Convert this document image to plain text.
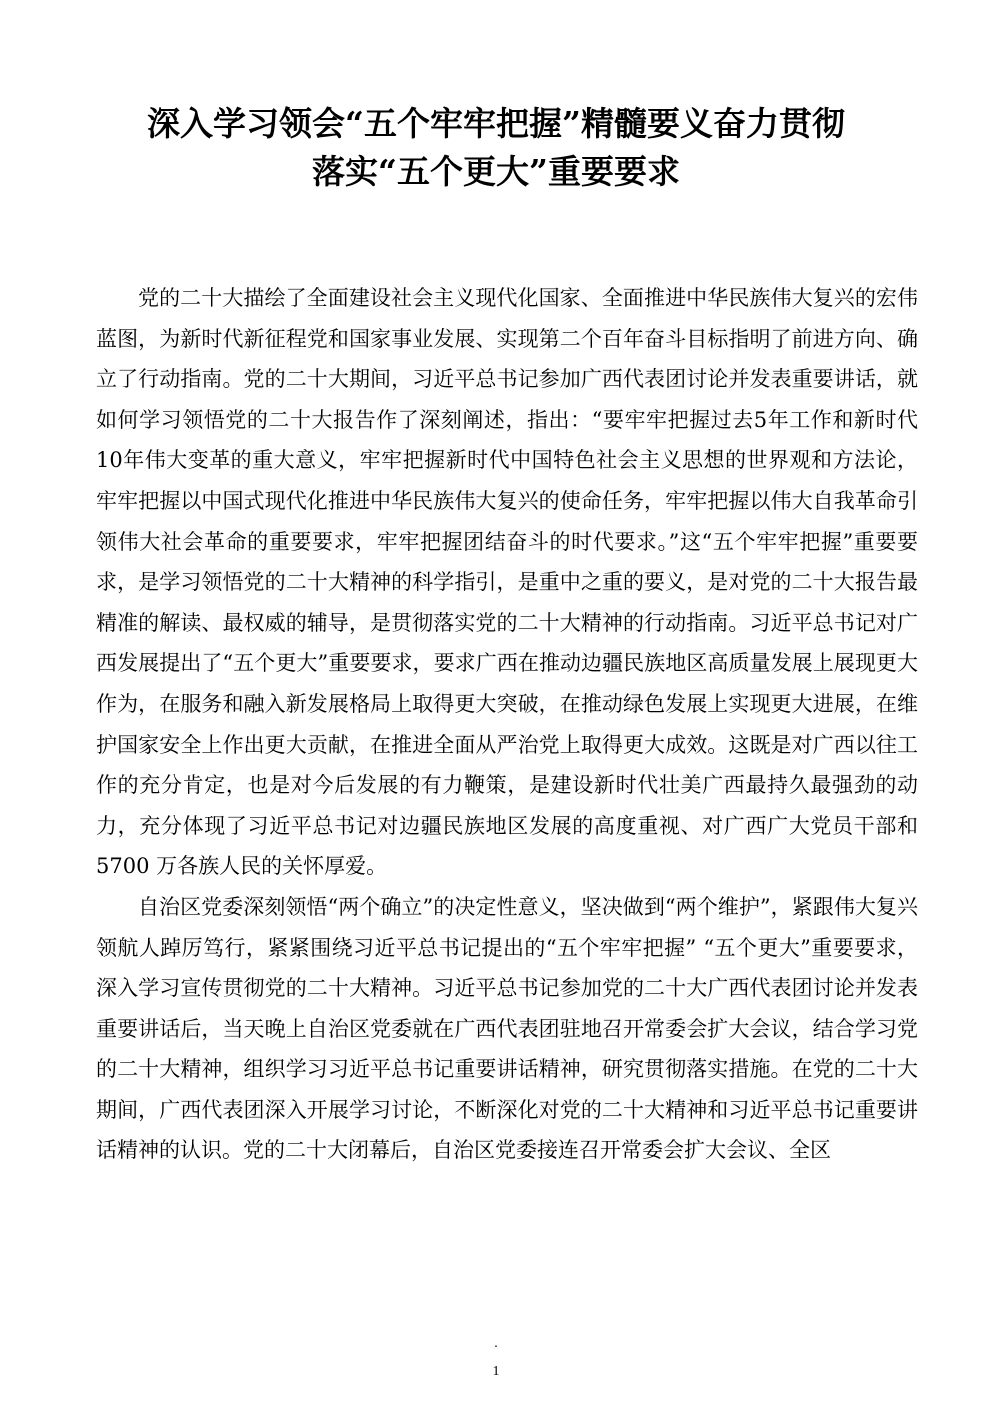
深入学习领会“五个牢牢把握”精髓要义奋力贯彻
落实“五个更大”重要要求

党的二十大描绘了全面建设社会主义现代化国家、全面推进中华民族伟大复兴的宏伟蓝图，为新时代新征程党和国家事业发展、实现第二个百年奋斗目标指明了前进方向、确立了行动指南。党的二十大期间，习近平总书记参加广西代表团讨论并发表重要讲话，就如何学习领悟党的二十大报告作了深刻阐述，指出：“要牢牢把握过去5年工作和新时代10年伟大变革的重大意义，牢牢把握新时代中国特色社会主义思想的世界观和方法论，牢牢把握以中国式现代化推进中华民族伟大复兴的使命任务，牢牢把握以伟大自我革命引领伟大社会革命的重要要求，牢牢把握团结奋斗的时代要求。”这“五个牢牢把握”重要要求，是学习领悟党的二十大精神的科学指引，是重中之重的要义，是对党的二十大报告最精准的解读、最权威的辅导，是贯彻落实党的二十大精神的行动指南。习近平总书记对广西发展提出了“五个更大”重要要求，要求广西在推动边疆民族地区高质量发展上展现更大作为，在服务和融入新发展格局上取得更大突破，在推动绿色发展上实现更大进展，在维护国家安全上作出更大贡献，在推进全面从严治党上取得更大成效。这既是对广西以往工作的充分肯定，也是对今后发展的有力鞭策，是建设新时代壮美广西最持久最强劲的动力，充分体现了习近平总书记对边疆民族地区发展的高度重视、对广西广大党员干部和5700 万各族人民的关怀厚爱。

自治区党委深刻领悟“两个确立”的决定性意义，坚决做到“两个维护”，紧跟伟大复兴领航人踔厉笃行，紧紧围绕习近平总书记提出的“五个牢牢把握” “五个更大”重要要求，深入学习宣传贯彻党的二十大精神。习近平总书记参加党的二十大广西代表团讨论并发表重要讲话后，当天晚上自治区党委就在广西代表团驻地召开常委会扩大会议，结合学习党的二十大精神，组织学习习近平总书记重要讲话精神，研究贯彻落实措施。在党的二十大期间，广西代表团深入开展学习讨论，不断深化对党的二十大精神和习近平总书记重要讲话精神的认识。党的二十大闭幕后，自治区党委接连召开常委会扩大会议、全区

.
1
